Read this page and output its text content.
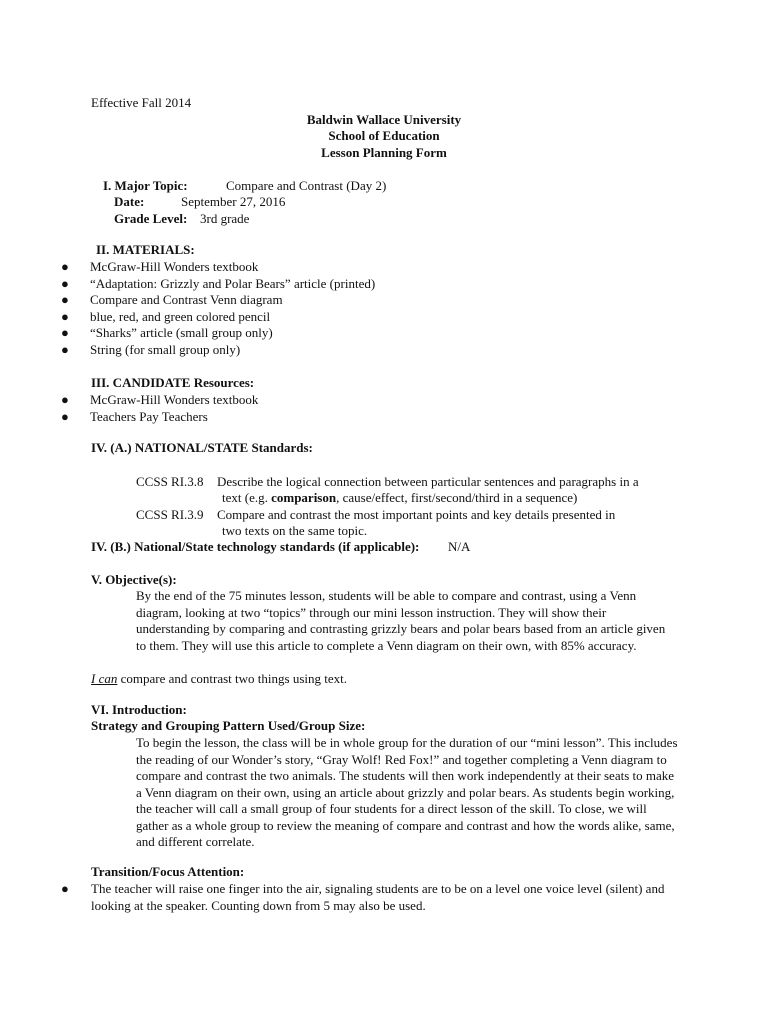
Effective Fall 2014
Baldwin Wallace University
School of Education
Lesson Planning Form
I. Major Topic:	Compare and Contrast (Day 2)
Date:	September 27, 2016
Grade Level: 3rd grade
II. MATERIALS:
● McGraw-Hill Wonders textbook
● “Adaptation: Grizzly and Polar Bears” article (printed)
● Compare and Contrast Venn diagram
● blue, red, and green colored pencil
● “Sharks” article (small group only)
● String (for small group only)
III. CANDIDATE Resources:
● McGraw-Hill Wonders textbook
● Teachers Pay Teachers
IV. (A.) NATIONAL/STATE Standards:
CCSS RI.3.8 Describe the logical connection between particular sentences and paragraphs in a
text (e.g. comparison, cause/effect, first/second/third in a sequence)
CCSS RI.3.9 Compare and contrast the most important points and key details presented in
two texts on the same topic.
IV. (B.) National/State technology standards (if applicable): N/A
V. Objective(s):
By the end of the 75 minutes lesson, students will be able to compare and contrast, using a Venn diagram, looking at two “topics” through our mini lesson instruction. They will show their understanding by comparing and contrasting grizzly bears and polar bears based from an article given to them. They will use this article to complete a Venn diagram on their own, with 85% accuracy.
I can compare and contrast two things using text.
VI. Introduction:
Strategy and Grouping Pattern Used/Group Size:
To begin the lesson, the class will be in whole group for the duration of our “mini lesson”. This includes the reading of our Wonder’s story, “Gray Wolf! Red Fox!” and together completing a Venn diagram to compare and contrast the two animals. The students will then work independently at their seats to make a Venn diagram on their own, using an article about grizzly and polar bears. As students begin working, the teacher will call a small group of four students for a direct lesson of the skill. To close, we will gather as a whole group to review the meaning of compare and contrast and how the words alike, same, and different correlate.
Transition/Focus Attention:
● The teacher will raise one finger into the air, signaling students are to be on a level one voice level (silent) and looking at the speaker. Counting down from 5 may also be used.
